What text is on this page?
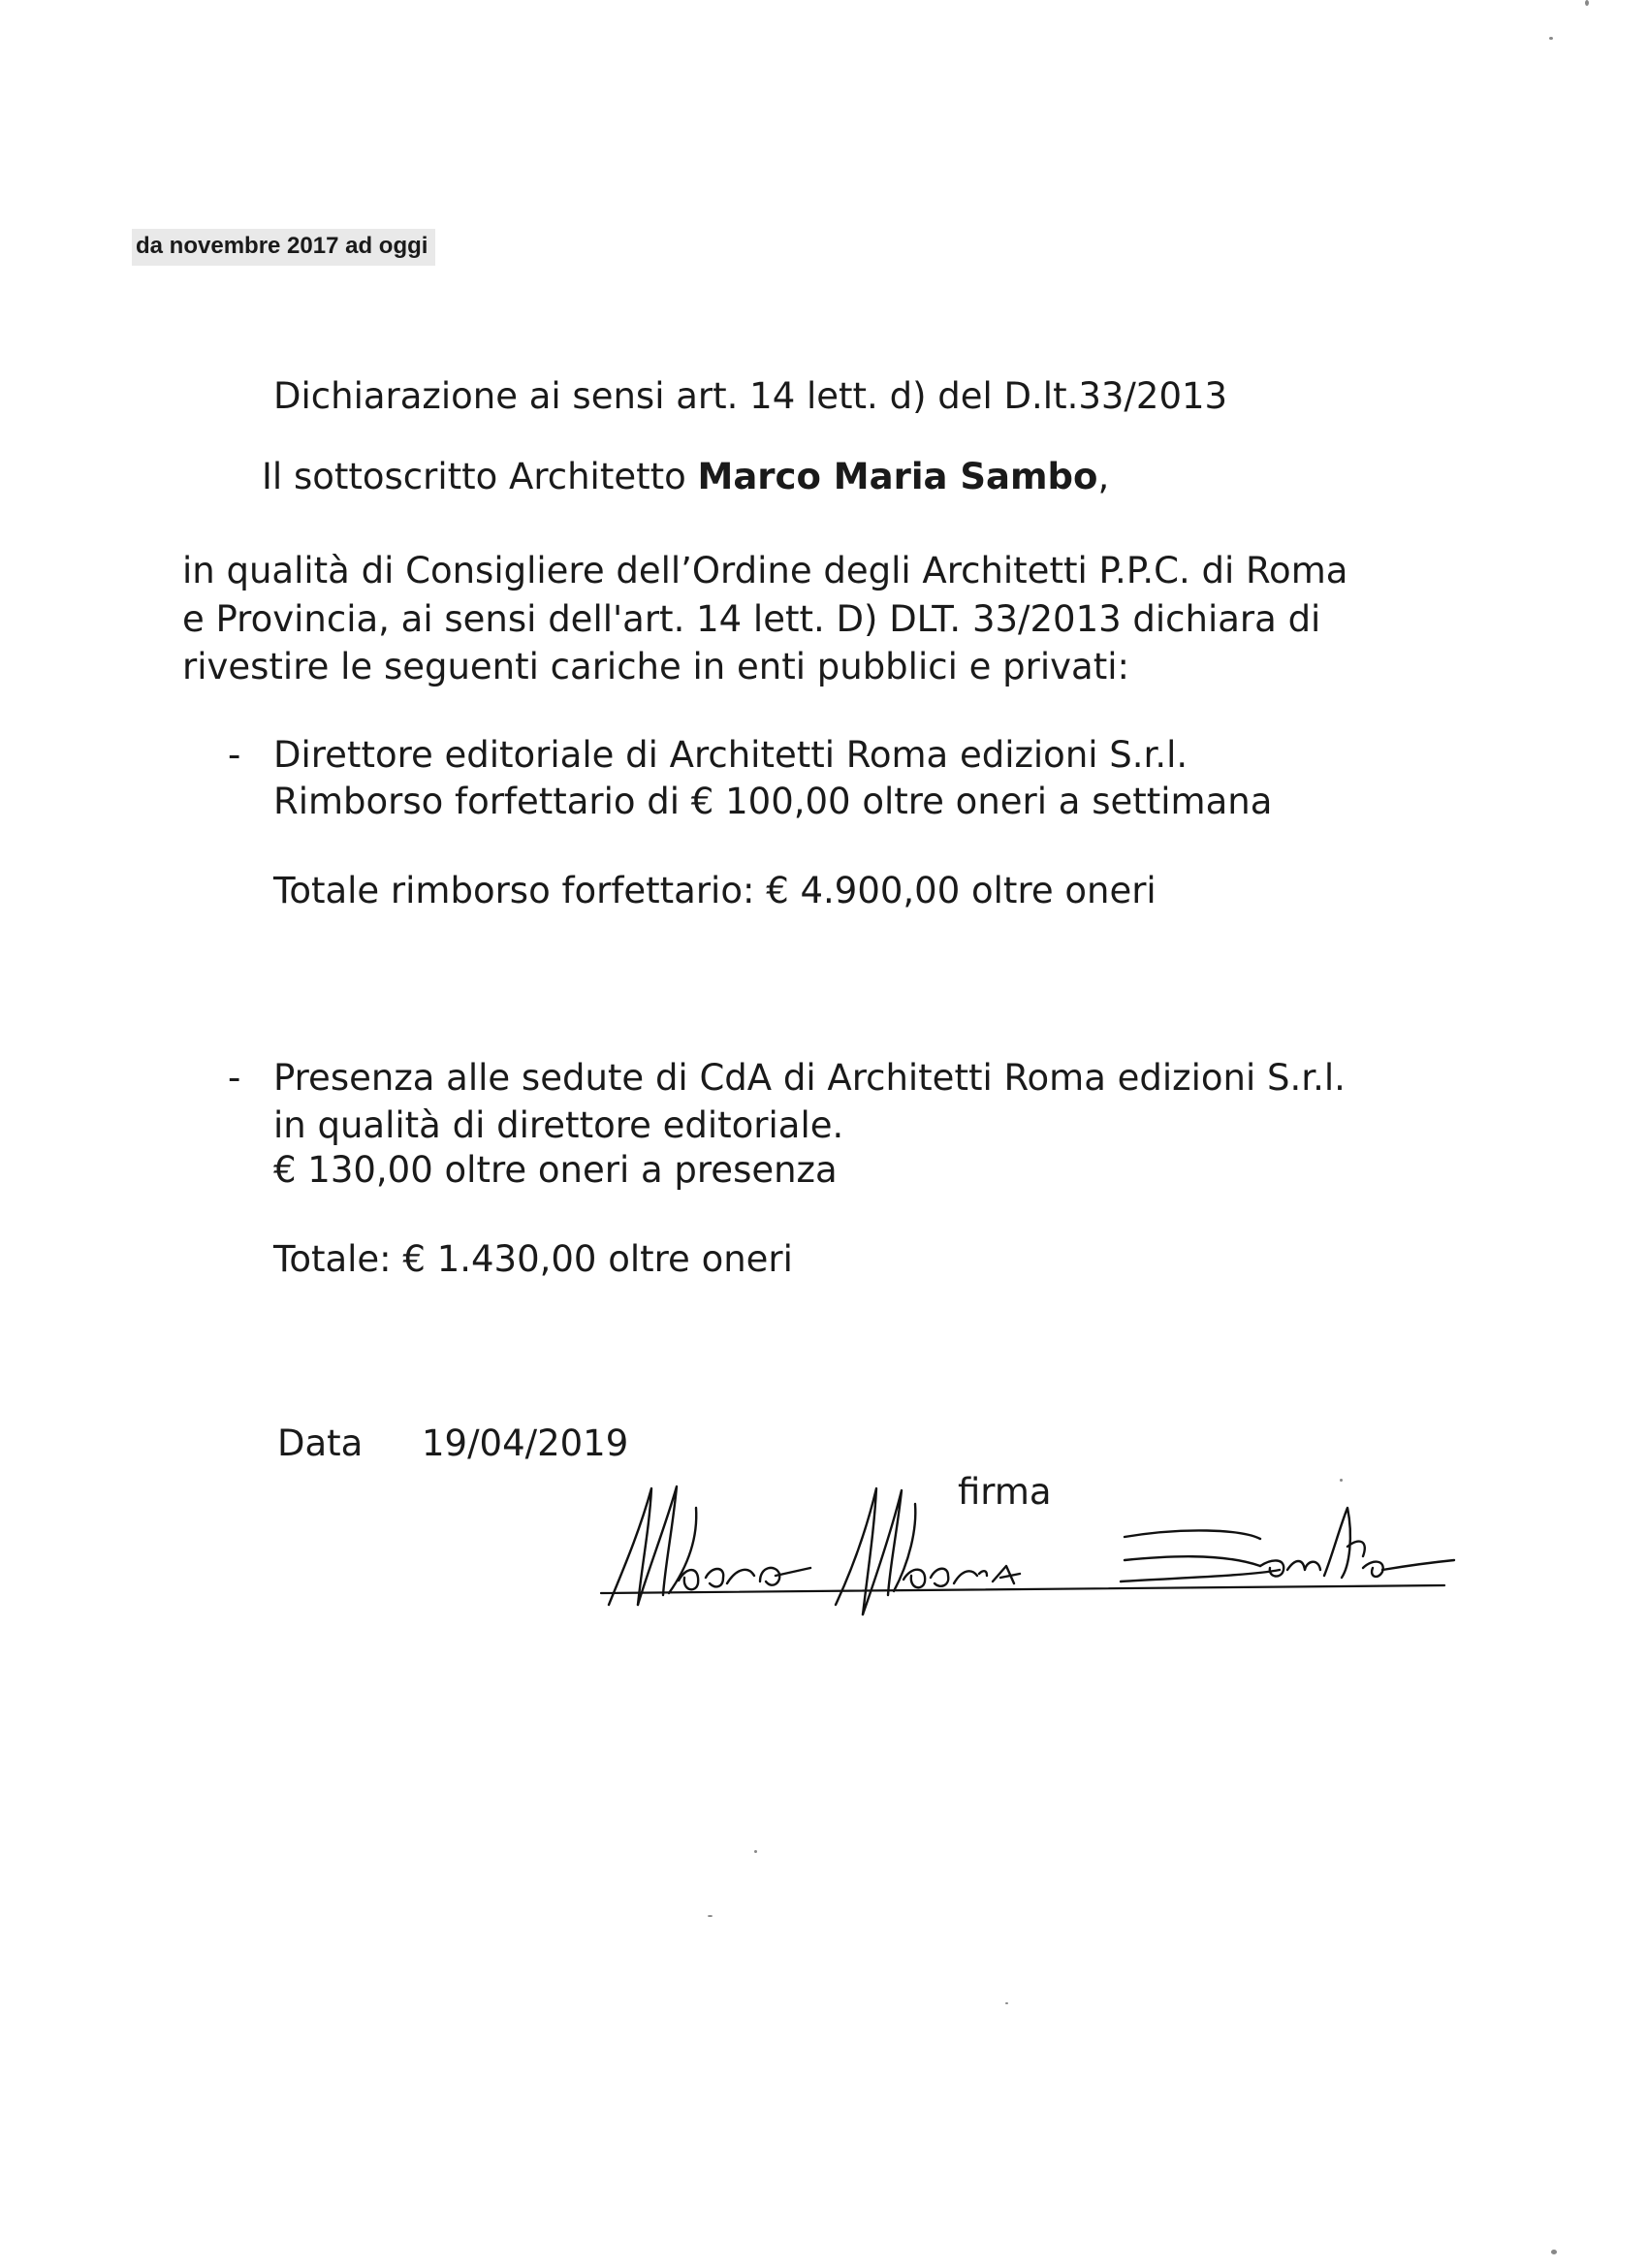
da novembre 2017 ad oggi
Dichiarazione ai sensi art. 14 lett. d) del D.lt.33/2013
Il sottoscritto Architetto Marco Maria Sambo,
in qualità di Consigliere dell’Ordine degli Architetti P.P.C. di Roma
e Provincia, ai sensi dell'art. 14 lett. D) DLT. 33/2013 dichiara di
rivestire le seguenti cariche in enti pubblici e privati:
- Direttore editoriale di Architetti Roma edizioni S.r.l.
Rimborso forfettario di € 100,00 oltre oneri a settimana
Totale rimborso forfettario: € 4.900,00 oltre oneri
- Presenza alle sedute di CdA di Architetti Roma edizioni S.r.l.
in qualità di direttore editoriale.
€ 130,00 oltre oneri a presenza
Totale: € 1.430,00 oltre oneri
Data 19/04/2019
firma
